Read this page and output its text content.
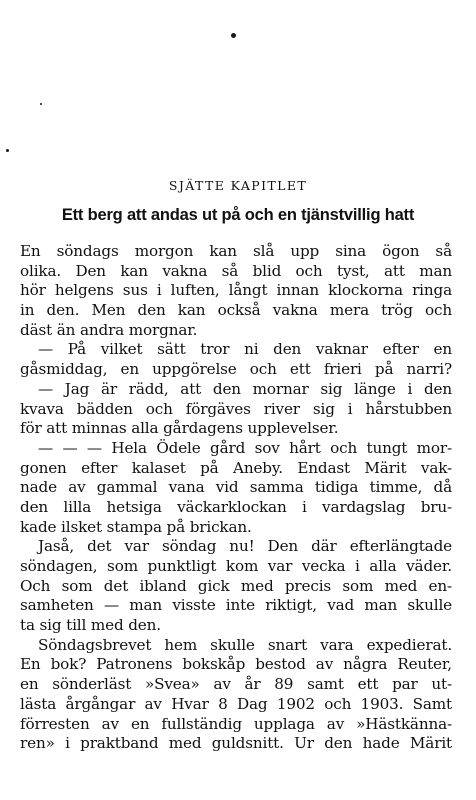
SJÄTTE KAPITLET
Ett berg att andas ut på och en tjänstvillig hatt
En söndags morgon kan slå upp sina ögon så
olika. Den kan vakna så blid och tyst, att man
hör helgens sus i luften, långt innan klockorna ringa
in den. Men den kan också vakna mera trög och
däst än andra morgnar.
— På vilket sätt tror ni den vaknar efter en
gåsmiddag, en uppgörelse och ett frieri på narri?
— Jag är rädd, att den mornar sig länge i den
kvava bädden och förgäves river sig i hårstubben
för att minnas alla gårdagens upplevelser.
— — — Hela Ödele gård sov hårt och tungt mor-
gonen efter kalaset på Aneby. Endast Märit vak-
nade av gammal vana vid samma tidiga timme, då
den lilla hetsiga väckarklockan i vardagslag bru-
kade ilsket stampa på brickan.
Jaså, det var söndag nu! Den där efterlängtade
söndagen, som punktligt kom var vecka i alla väder.
Och som det ibland gick med precis som med en-
samheten — man visste inte riktigt, vad man skulle
ta sig till med den.
Söndagsbrevet hem skulle snart vara expedierat.
En bok? Patronens bokskåp bestod av några Reuter,
en sönderläst »Svea» av år 89 samt ett par ut-
lästa årgångar av Hvar 8 Dag 1902 och 1903. Samt
förresten av en fullständig upplaga av »Hästkänna-
ren» i praktband med guldsnitt. Ur den hade Märit
